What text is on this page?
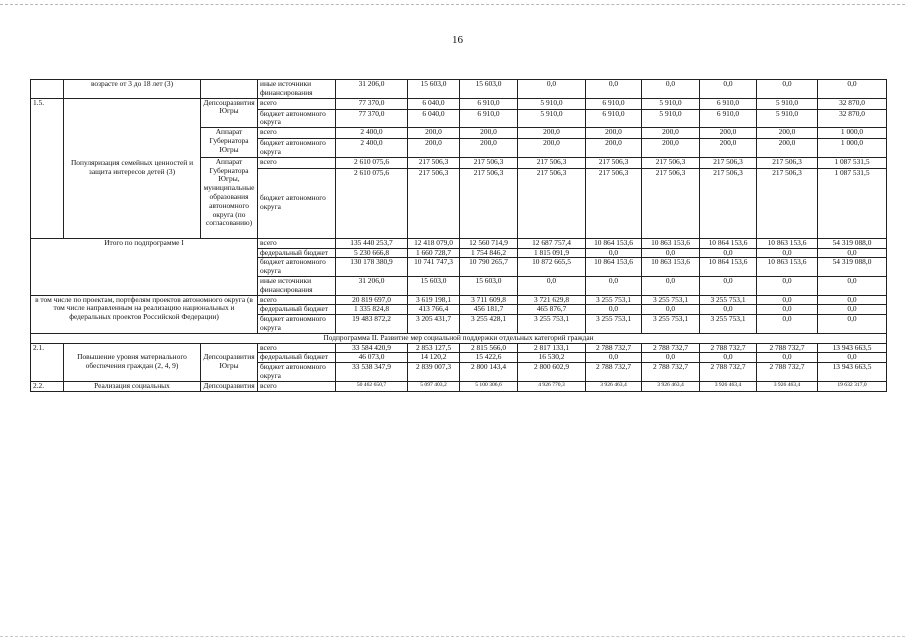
16
	возрасте от 3 до 18 лет (3)		иные источники финансирования	31 206,0	15 603,0	15 603,0	0,0	0,0	0,0	0,0	0,0	0,0
1.5.	Популяризация семейных ценностей и защита интересов детей (3)	Депсоцразвития Югры	всего	77 370,0	6 040,0	6 910,0	5 910,0	6 910,0	5 910,0	6 910,0	5 910,0	32 870,0
			бюджет автономного округа	77 370,0	6 040,0	6 910,0	5 910,0	6 910,0	5 910,0	6 910,0	5 910,0	32 870,0
		Аппарат Губернатора Югры	всего	2 400,0	200,0	200,0	200,0	200,0	200,0	200,0	200,0	1 000,0
			бюджет автономного округа	2 400,0	200,0	200,0	200,0	200,0	200,0	200,0	200,0	1 000,0
		Аппарат Губернатора Югры, муниципальные образования автономного округа (по согласованию)	всего	2 610 075,6	217 506,3	217 506,3	217 506,3	217 506,3	217 506,3	217 506,3	217 506,3	1 087 531,5
			бюджет автономного округа	2 610 075,6	217 506,3	217 506,3	217 506,3	217 506,3	217 506,3	217 506,3	217 506,3	1 087 531,5
Итого по подпрограмме I			всего	135 440 253,7	12 418 079,0	12 560 714,9	12 687 757,4	10 864 153,6	10 863 153,6	10 864 153,6	10 863 153,6	54 319 088,0
			федеральный бюджет	5 230 666,8	1 660 728,7	1 754 846,2	1 815 091,9	0,0	0,0	0,0	0,0	0,0
			бюджет автономного округа	130 178 380,9	10 741 747,3	10 790 265,7	10 872 665,5	10 864 153,6	10 863 153,6	10 864 153,6	10 863 153,6	54 319 088,0
			иные источники финансирования	31 206,0	15 603,0	15 603,0	0,0	0,0	0,0	0,0	0,0	0,0
в том числе по проектам, портфелям проектов автономного округа (в том числе направленным на реализацию национальных и федеральных проектов Российской Федерации)			всего	20 819 697,0	3 619 198,1	3 711 609,8	3 721 629,8	3 255 753,1	3 255 753,1	3 255 753,1	0,0	0,0
			федеральный бюджет	1 335 824,8	413 766,4	456 181,7	465 876,7	0,0	0,0	0,0	0,0	0,0
			бюджет автономного округа	19 483 872,2	3 205 431,7	3 255 428,1	3 255 753,1	3 255 753,1	3 255 753,1	3 255 753,1	0,0	0,0
Подпрограмма II. Развитие мер социальной поддержки отдельных категорий граждан												
2.1.	Повышение уровня материального обеспечения граждан (2, 4, 9)	Депсоцразвития Югры	всего	33 584 420,9	2 853 127,5	2 815 566,0	2 817 133,1	2 788 732,7	2 788 732,7	2 788 732,7	2 788 732,7	13 943 663,5
			федеральный бюджет	46 073,0	14 120,2	15 422,6	16 530,2	0,0	0,0	0,0	0,0	0,0
			бюджет автономного округа	33 538 347,9	2 839 007,3	2 800 143,4	2 800 602,9	2 788 732,7	2 788 732,7	2 788 732,7	2 788 732,7	13 943 663,5
2.2.	Реализация социальных	Депсоцразвития	всего	50 462 650,7	5 097 403,2	5 100 306,6	4 926 770,3	3 926 463,4	3 926 463,4	3 926 463,4	3 926 463,4	19 632 317,0
